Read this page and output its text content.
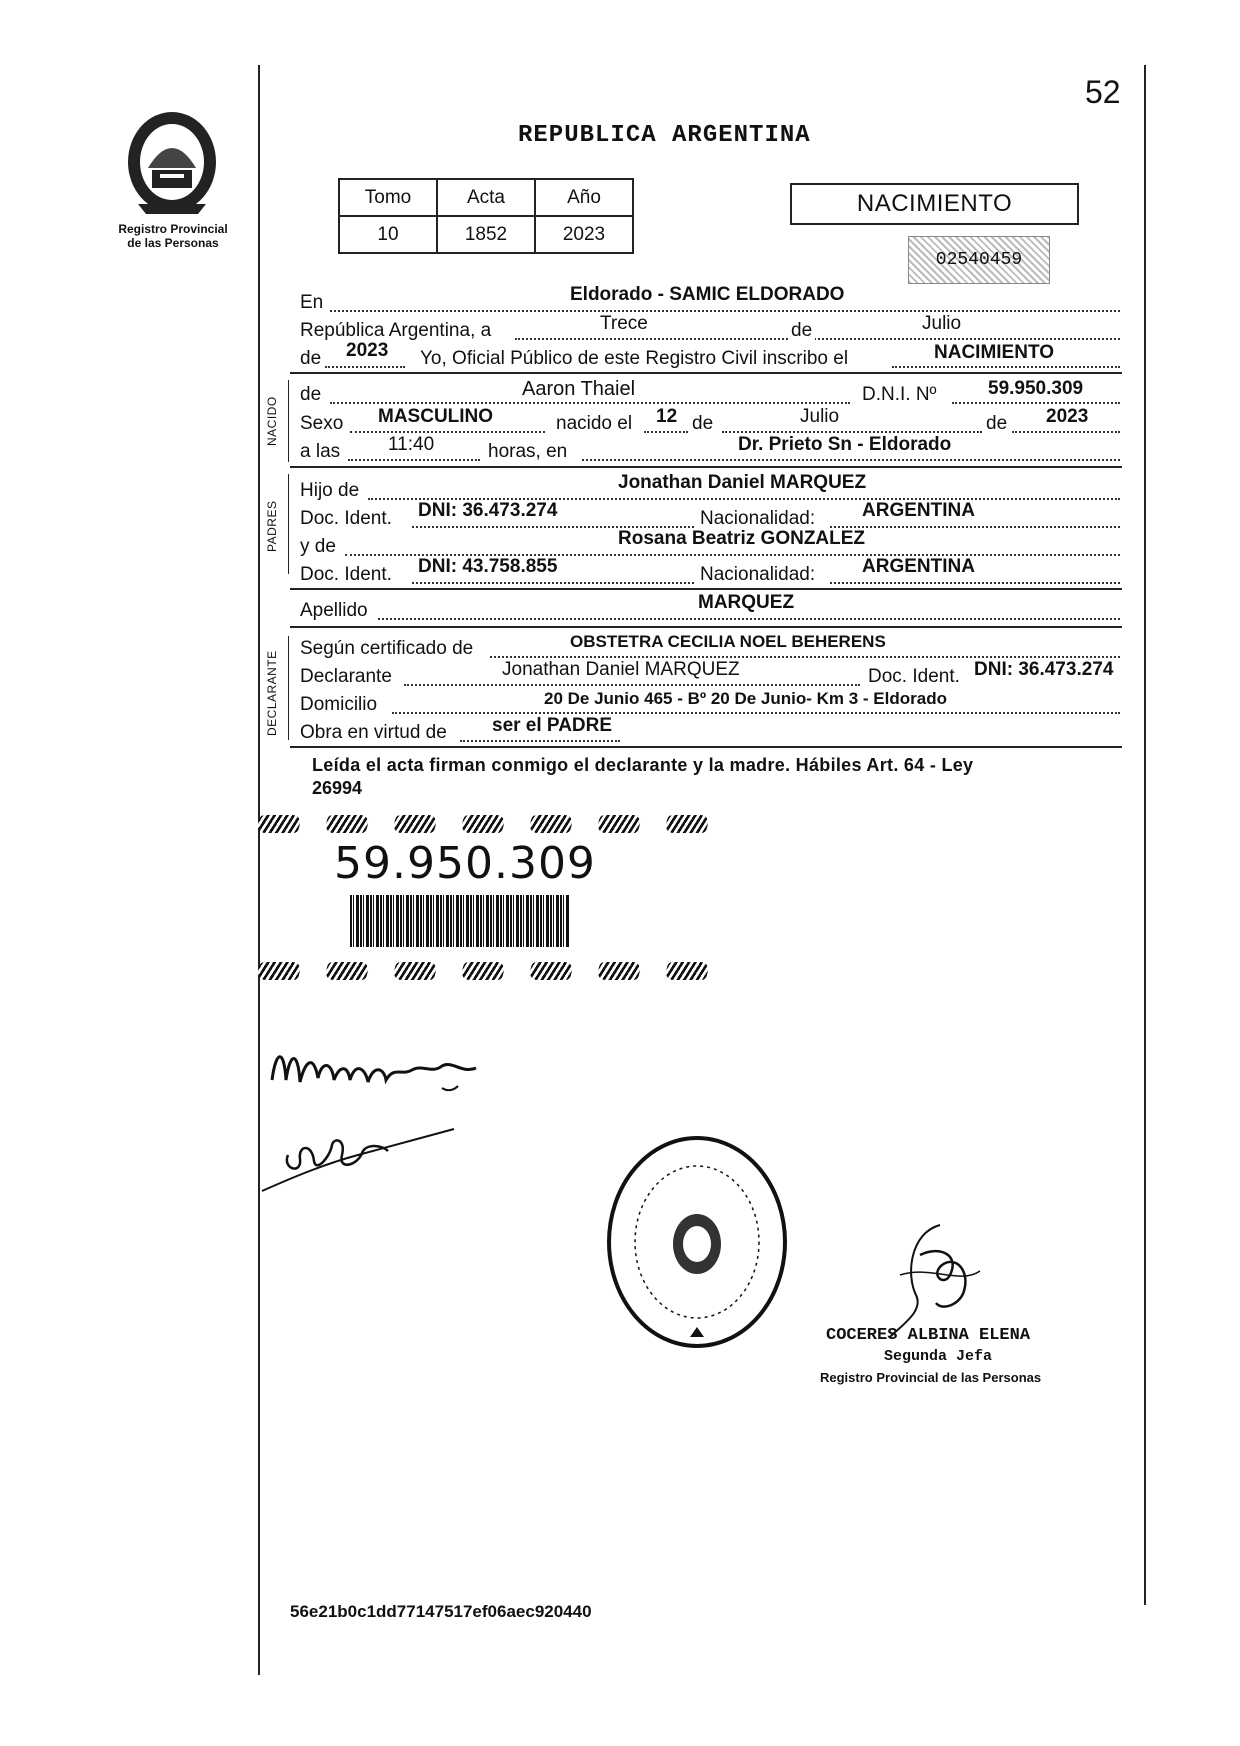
52
Registro Provincial
de las Personas
REPUBLICA ARGENTINA
Tomo	Acta	Año
10	1852	2023
NACIMIENTO
02540459
En	Eldorado - SAMIC ELDORADO
República Argentina, a	Trece	de	Julio
de 2023 Yo, Oficial Público de este Registro Civil inscribo el	NACIMIENTO
NACIDO
de	Aaron Thaiel	D.N.I. Nº	59.950.309
Sexo MASCULINO	nacido el 12 de	Julio	de 2023
a las	11:40	horas, en	Dr. Prieto Sn - Eldorado
PADRES
Hijo de	Jonathan Daniel MARQUEZ
Doc. Ident. DNI: 36.473.274	Nacionalidad: ARGENTINA
y de	Rosana Beatriz GONZALEZ
Doc. Ident. DNI: 43.758.855	Nacionalidad: ARGENTINA
Apellido	MARQUEZ
DECLARANTE
Según certificado de	OBSTETRA CECILIA NOEL BEHERENS
Declarante	Jonathan Daniel MARQUEZ	Doc. Ident. DNI: 36.473.274
Domicilio	20 De Junio 465 - Bº 20 De Junio- Km 3 - Eldorado
Obra en virtud de ser el PADRE
Leída el acta firman conmigo el declarante y la madre. Hábiles Art. 64 - Ley
26994
59.950.309
COCERES ALBINA ELENA
Segunda Jefa
Registro Provincial de las Personas
56e21b0c1dd77147517ef06aec920440
